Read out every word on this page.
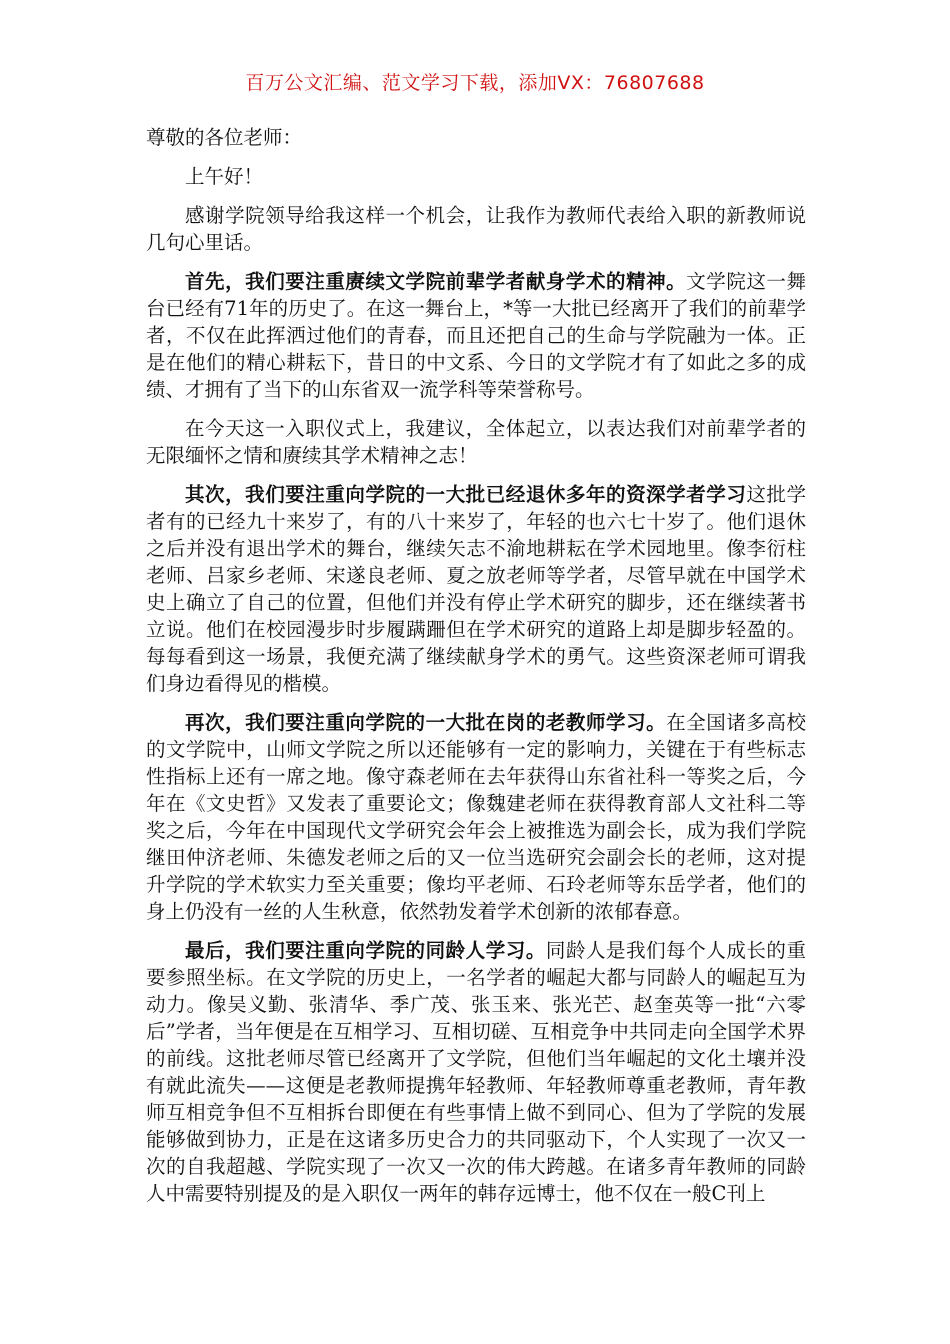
百万公文汇编、范文学习下载，添加VX：76807688

尊敬的各位老师：

上午好！

感谢学院领导给我这样一个机会，让我作为教师代表给入职的新教师说几句心里话。

首先，我们要注重赓续文学院前辈学者献身学术的精神。文学院这一舞台已经有71年的历史了。在这一舞台上，*等一大批已经离开了我们的前辈学者，不仅在此挥洒过他们的青春，而且还把自己的生命与学院融为一体。正是在他们的精心耕耘下，昔日的中文系、今日的文学院才有了如此之多的成绩、才拥有了当下的山东省双一流学科等荣誉称号。

在今天这一入职仪式上，我建议，全体起立，以表达我们对前辈学者的无限缅怀之情和赓续其学术精神之志！

其次，我们要注重向学院的一大批已经退休多年的资深学者学习这批学者有的已经九十来岁了，有的八十来岁了，年轻的也六七十岁了。他们退休之后并没有退出学术的舞台，继续矢志不渝地耕耘在学术园地里。像李衍柱老师、吕家乡老师、宋遂良老师、夏之放老师等学者，尽管早就在中国学术史上确立了自己的位置，但他们并没有停止学术研究的脚步，还在继续著书立说。他们在校园漫步时步履蹒跚但在学术研究的道路上却是脚步轻盈的。每每看到这一场景，我便充满了继续献身学术的勇气。这些资深老师可谓我们身边看得见的楷模。

再次，我们要注重向学院的一大批在岗的老教师学习。在全国诸多高校的文学院中，山师文学院之所以还能够有一定的影响力，关键在于有些标志性指标上还有一席之地。像守森老师在去年获得山东省社科一等奖之后，今年在《文史哲》又发表了重要论文；像魏建老师在获得教育部人文社科二等奖之后，今年在中国现代文学研究会年会上被推选为副会长，成为我们学院继田仲济老师、朱德发老师之后的又一位当选研究会副会长的老师，这对提升学院的学术软实力至关重要；像均平老师、石玲老师等东岳学者，他们的身上仍没有一丝的人生秋意，依然勃发着学术创新的浓郁春意。

最后，我们要注重向学院的同龄人学习。同龄人是我们每个人成长的重要参照坐标。在文学院的历史上，一名学者的崛起大都与同龄人的崛起互为动力。像吴义勤、张清华、季广茂、张玉来、张光芒、赵奎英等一批“六零后”学者，当年便是在互相学习、互相切磋、互相竞争中共同走向全国学术界的前线。这批老师尽管已经离开了文学院，但他们当年崛起的文化土壤并没有就此流失——这便是老教师提携年轻教师、年轻教师尊重老教师，青年教师互相竞争但不互相拆台即便在有些事情上做不到同心、但为了学院的发展能够做到协力，正是在这诸多历史合力的共同驱动下，个人实现了一次又一次的自我超越、学院实现了一次又一次的伟大跨越。在诸多青年教师的同龄人中需要特别提及的是入职仅一两年的韩存远博士，他不仅在一般C刊上
